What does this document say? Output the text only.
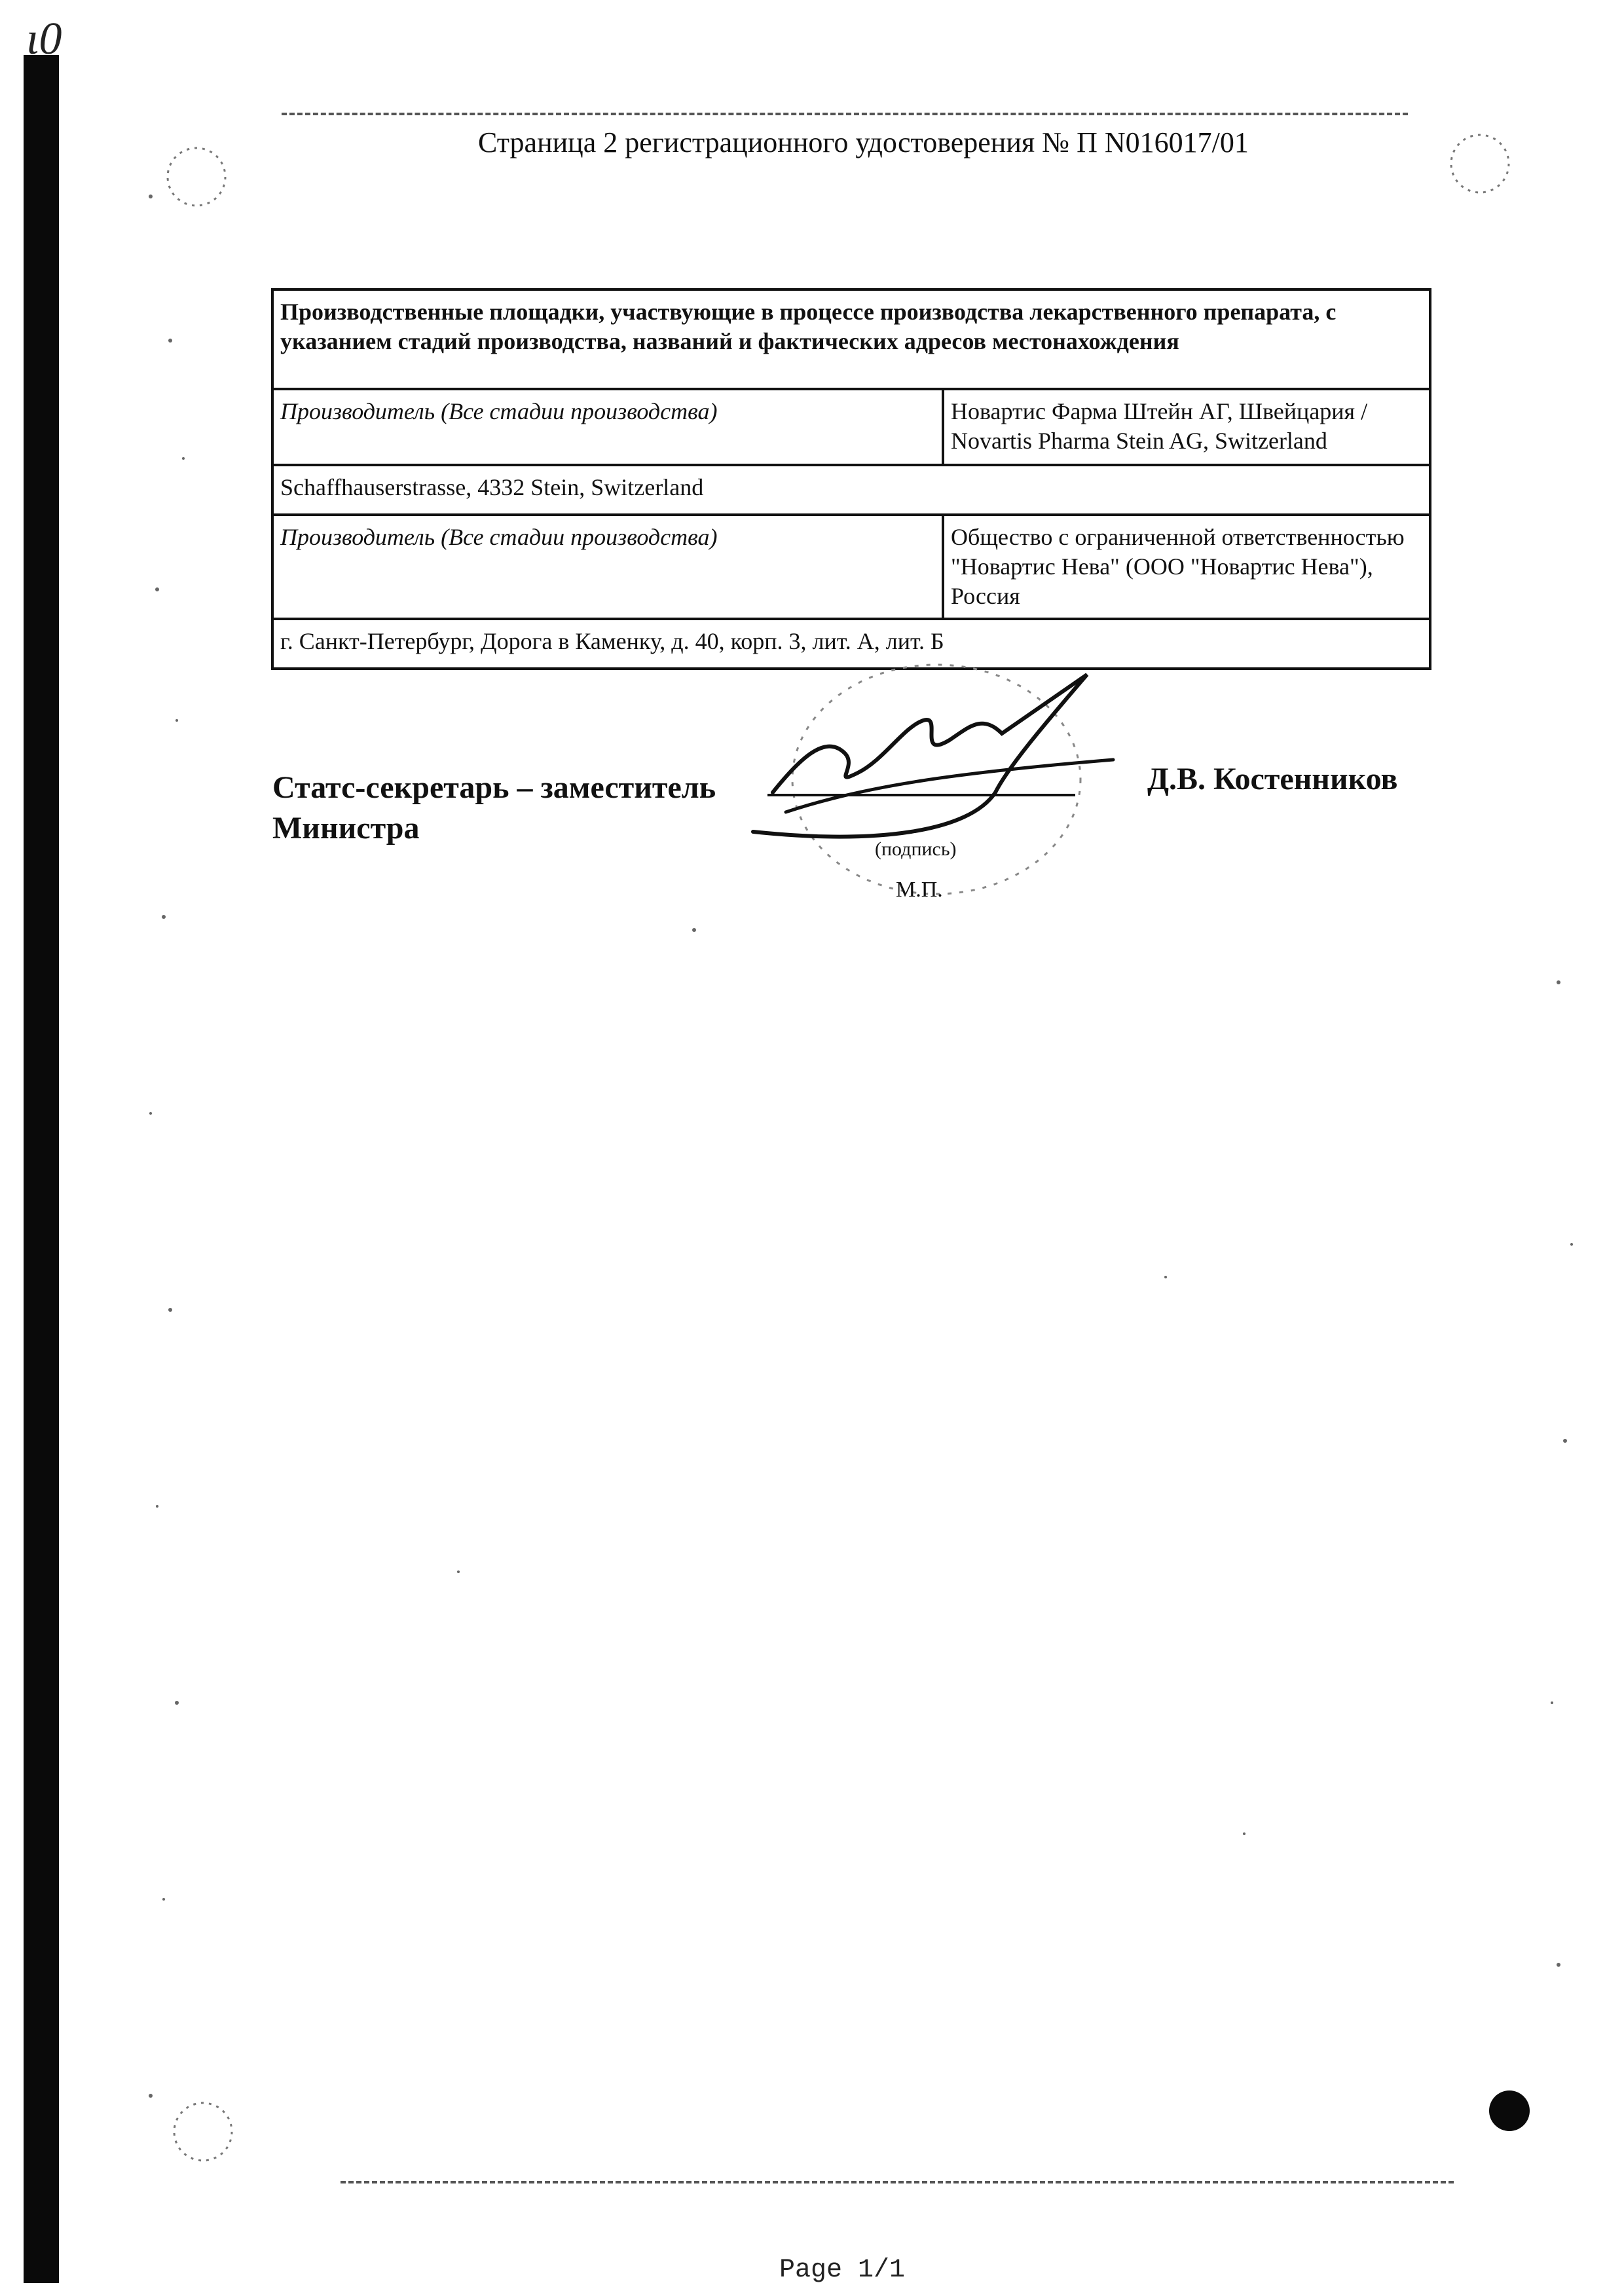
ι0
Страница 2 регистрационного удостоверения № П N016017/01
Производственные площадки, участвующие в процессе производства лекарственного препарата, с указанием стадий производства, названий и фактических адресов местонахождения	
Производитель (Все стадии производства)	Новартис Фарма Штейн АГ, Швейцария / Novartis Pharma Stein AG, Switzerland
Schaffhauserstrasse, 4332 Stein, Switzerland	
Производитель (Все стадии производства)	Общество с ограниченной ответственностью "Новартис Нева" (ООО "Новартис Нева"), Россия
г. Санкт-Петербург, Дорога в Каменку, д. 40, корп. 3, лит. А, лит. Б	
Статс-секретарь – заместитель Министра
(подпись)
М.П.
Д.В. Костенников
Page 1/1
